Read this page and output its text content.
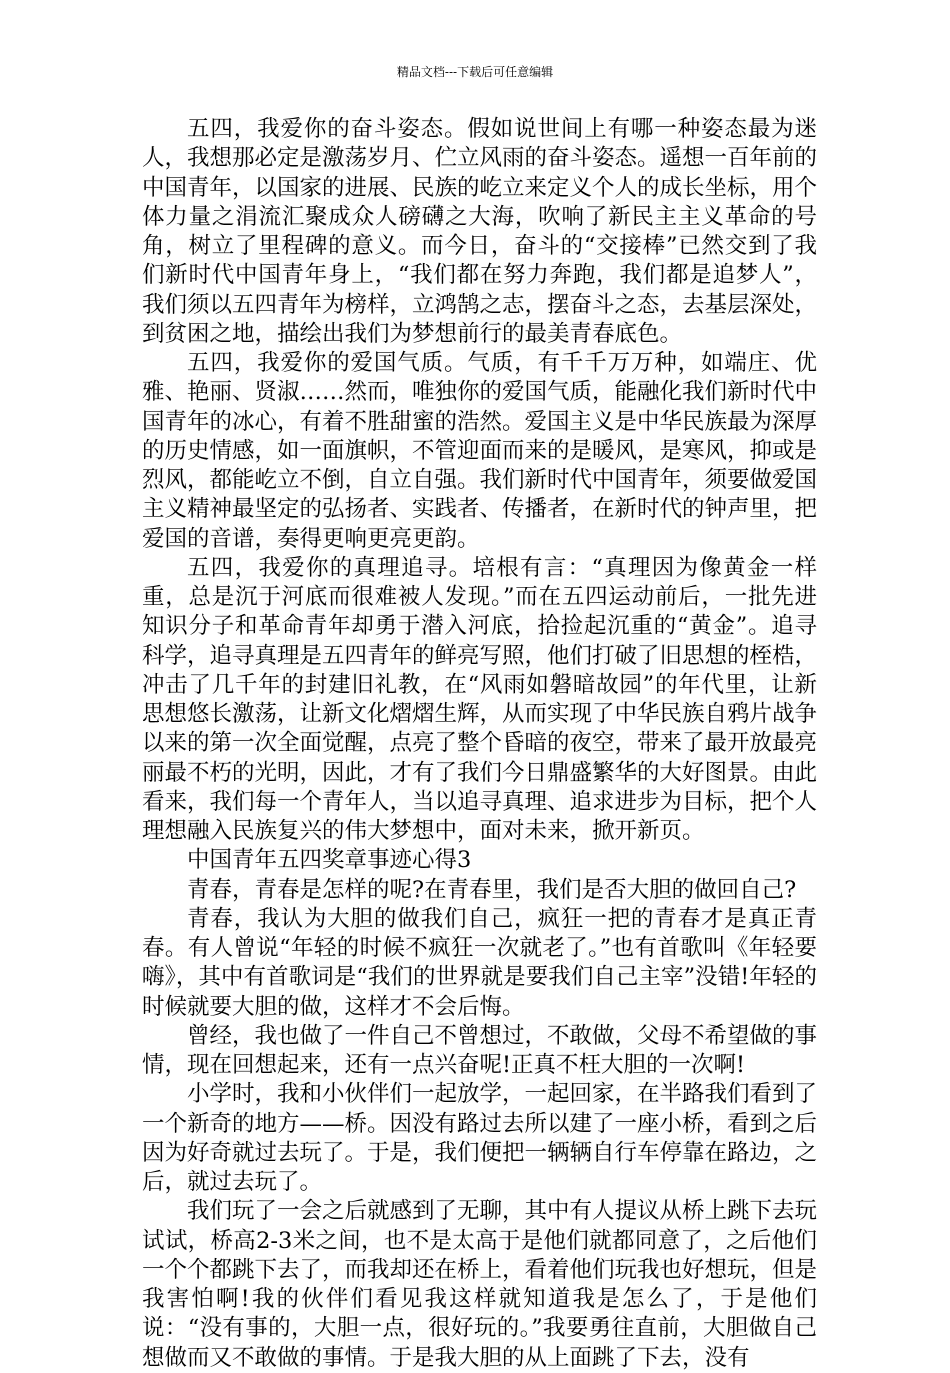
精品文档---下载后可任意编辑

五四，我爱你的奋斗姿态。假如说世间上有哪一种姿态最为迷人，我想那必定是激荡岁月、伫立风雨的奋斗姿态。遥想一百年前的中国青年，以国家的进展、民族的屹立来定义个人的成长坐标，用个体力量之涓流汇聚成众人磅礴之大海，吹响了新民主主义革命的号角，树立了里程碑的意义。而今日，奋斗的“交接棒”已然交到了我们新时代中国青年身上，“我们都在努力奔跑，我们都是追梦人”，我们须以五四青年为榜样，立鸿鹄之志，摆奋斗之态，去基层深处，到贫困之地，描绘出我们为梦想前行的最美青春底色。

五四，我爱你的爱国气质。气质，有千千万万种，如端庄、优雅、艳丽、贤淑……然而，唯独你的爱国气质，能融化我们新时代中国青年的冰心，有着不胜甜蜜的浩然。爱国主义是中华民族最为深厚的历史情感，如一面旗帜，不管迎面而来的是暖风，是寒风，抑或是烈风，都能屹立不倒，自立自强。我们新时代中国青年，须要做爱国主义精神最坚定的弘扬者、实践者、传播者，在新时代的钟声里，把爱国的音谱，奏得更响更亮更韵。

五四，我爱你的真理追寻。培根有言：“真理因为像黄金一样重，总是沉于河底而很难被人发现。”而在五四运动前后，一批先进知识分子和革命青年却勇于潜入河底，拾捡起沉重的“黄金”。追寻科学，追寻真理是五四青年的鲜亮写照，他们打破了旧思想的桎梏，冲击了几千年的封建旧礼教，在“风雨如磐暗故园”的年代里，让新思想悠长激荡，让新文化熠熠生辉，从而实现了中华民族自鸦片战争以来的第一次全面觉醒，点亮了整个昏暗的夜空，带来了最开放最亮丽最不朽的光明，因此，才有了我们今日鼎盛繁华的大好图景。由此看来，我们每一个青年人，当以追寻真理、追求进步为目标，把个人理想融入民族复兴的伟大梦想中，面对未来，掀开新页。

中国青年五四奖章事迹心得3

青春，青春是怎样的呢?在青春里，我们是否大胆的做回自己?

青春，我认为大胆的做我们自己，疯狂一把的青春才是真正青春。有人曾说“年轻的时候不疯狂一次就老了。”也有首歌叫《年轻要嗨》，其中有首歌词是“我们的世界就是要我们自己主宰”没错!年轻的时候就要大胆的做，这样才不会后悔。

曾经，我也做了一件自己不曾想过，不敢做，父母不希望做的事情，现在回想起来，还有一点兴奋呢!正真不枉大胆的一次啊!

小学时，我和小伙伴们一起放学，一起回家，在半路我们看到了一个新奇的地方——桥。因没有路过去所以建了一座小桥，看到之后因为好奇就过去玩了。于是，我们便把一辆辆自行车停靠在路边，之后，就过去玩了。

我们玩了一会之后就感到了无聊，其中有人提议从桥上跳下去玩试试，桥高2-3米之间，也不是太高于是他们就都同意了，之后他们一个个都跳下去了，而我却还在桥上，看着他们玩我也好想玩，但是我害怕啊!我的伙伴们看见我这样就知道我是怎么了，于是他们说：“没有事的，大胆一点，很好玩的。”我要勇往直前，大胆做自己想做而又不敢做的事情。于是我大胆的从上面跳了下去，没有
